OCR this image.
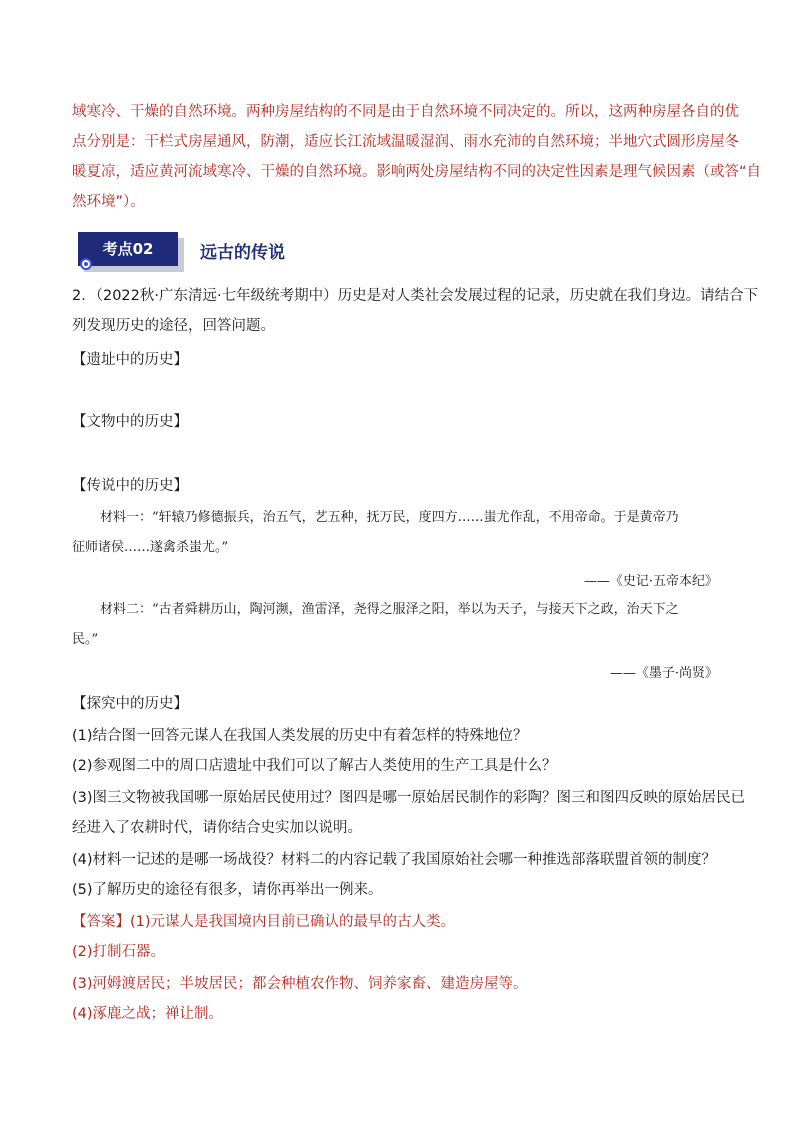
域寒冷、干燥的自然环境。两种房屋结构的不同是由于自然环境不同决定的。所以，这两种房屋各自的优
点分别是：干栏式房屋通风，防潮，适应长江流域温暖湿润、雨水充沛的自然环境；半地穴式圆形房屋冬
暖夏凉，适应黄河流域寒冷、干燥的自然环境。影响两处房屋结构不同的决定性因素是理气候因素（或答“自
然环境”）。
考点02	远古的传说
2．（2022秋·广东清远·七年级统考期中）历史是对人类社会发展过程的记录，历史就在我们身边。请结合下
列发现历史的途径，回答问题。
【遗址中的历史】
【文物中的历史】
【传说中的历史】
材料一：“轩辕乃修德振兵，治五气，艺五种，抚万民，度四方……蚩尤作乱，不用帝命。于是黄帝乃
征师诸侯……遂禽杀蚩尤。”
——《史记·五帝本纪》
材料二：“古者舜耕历山，陶河濒，渔雷泽，尧得之服泽之阳，举以为天子，与接天下之政，治天下之
民。”
——《墨子·尚贤》
【探究中的历史】
(1)结合图一回答元谋人在我国人类发展的历史中有着怎样的特殊地位？
(2)参观图二中的周口店遗址中我们可以了解古人类使用的生产工具是什么？
(3)图三文物被我国哪一原始居民使用过？图四是哪一原始居民制作的彩陶？图三和图四反映的原始居民已
经进入了农耕时代，请你结合史实加以说明。
(4)材料一记述的是哪一场战役？材料二的内容记载了我国原始社会哪一种推选部落联盟首领的制度？
(5)了解历史的途径有很多，请你再举出一例来。
【答案】(1)元谋人是我国境内目前已确认的最早的古人类。
(2)打制石器。
(3)河姆渡居民；半坡居民；都会种植农作物、饲养家畜、建造房屋等。
(4)涿鹿之战；禅让制。
